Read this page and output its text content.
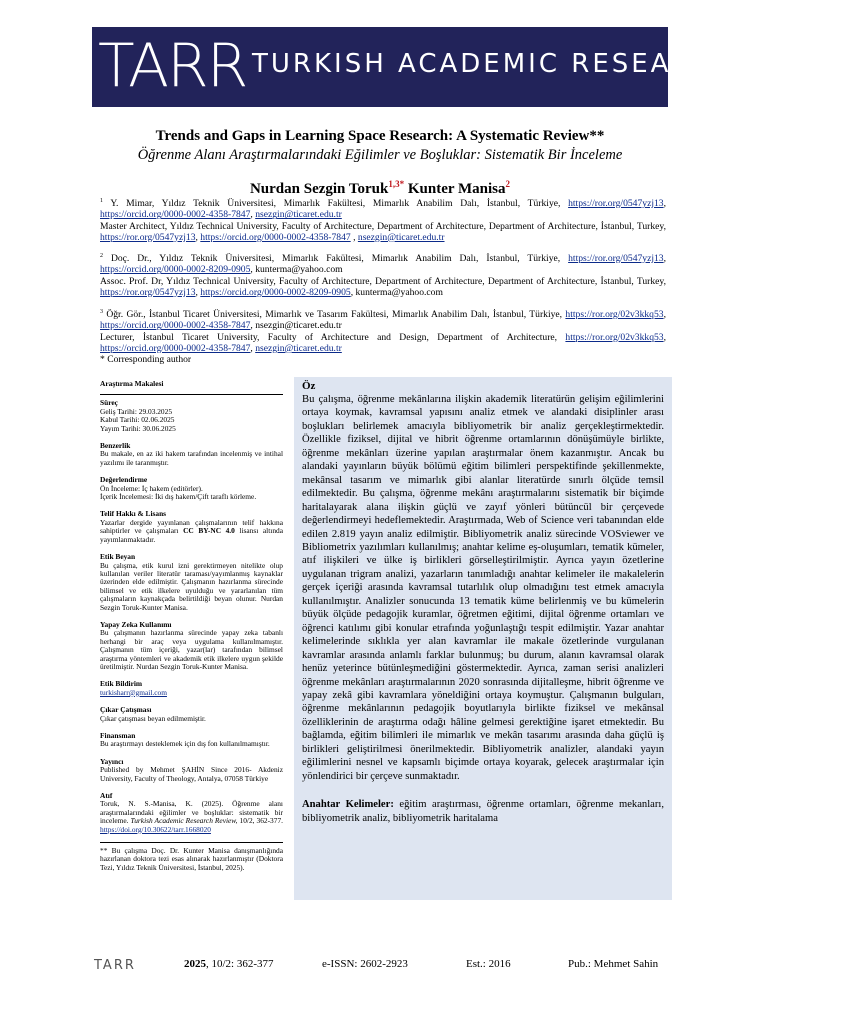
TARR TURKISH ACADEMIC RESEARCH REVIEW
Trends and Gaps in Learning Space Research: A Systematic Review**
Öğrenme Alanı Araştırmalarındaki Eğilimler ve Boşluklar: Sistematik Bir İnceleme
Nurdan Sezgin Toruk$^{1,3*}$ Kunter Manisa$^2$

$^1$ Y. Mimar, Yıldız Teknik Üniversitesi, Mimarlık Fakültesi, Mimarlık Anabilim Dalı, İstanbul, Türkiye, https://ror.org/0547yzj13, https://orcid.org/0000-0002-4358-7847, nsezgin@ticaret.edu.tr

Master Architect, Yıldız Technical University, Faculty of Architecture, Department of Architecture, Department of Architecture, İstanbul, Turkey, https://ror.org/0547yzj13, https://orcid.org/0000-0002-4358-7847 , nsezgin@ticaret.edu.tr

$^2$ Doç. Dr., Yıldız Teknik Üniversitesi, Mimarlık Fakültesi, Mimarlık Anabilim Dalı, İstanbul, Türkiye, https://ror.org/0547yzj13, https://orcid.org/0000-0002-8209-0905, kunterma@yahoo.com

Assoc. Prof. Dr, Yıldız Technical University, Faculty of Architecture, Department of Architecture, Department of Architecture, İstanbul, Turkey, https://ror.org/0547yzj13, https://orcid.org/0000-0002-8209-0905, kunterma@yahoo.com

$^3$ Öğr. Gör., İstanbul Ticaret Üniversitesi, Mimarlık ve Tasarım Fakültesi, Mimarlık Anabilim Dalı, İstanbul, Türkiye, https://ror.org/02v3kkq53, https://orcid.org/0000-0002-4358-7847, nsezgin@ticaret.edu.tr

Lecturer, İstanbul Ticaret University, Faculty of Architecture and Design, Department of Architecture, https://ror.org/02v3kkq53, https://orcid.org/0000-0002-4358-7847, nsezgin@ticaret.edu.tr

* Corresponding author

Araştırma Makalesi

Süreç

Geliş Tarihi: 29.03.2025

Kabul Tarihi: 02.06.2025

Yayım Tarihi: 30.06.2025

Benzerlik

Bu makale, en az iki hakem tarafından incelenmiş ve intihal yazılımı ile taranmıştır.

Değerlendirme

Ön İnceleme: İç hakem (editörler).

İçerik İncelemesi: İki dış hakem/Çift taraflı körleme.

Telif Hakkı & Lisans

Yazarlar dergide yayınlanan çalışmalarının telif hakkına sahiptirler ve çalışmaları CC BY-NC 4.0 lisansı altında yayımlanmaktadır.

Etik Beyan

Bu çalışma, etik kurul izni gerektirmeyen nitelikte olup kullanılan veriler literatür taraması/yayımlanmış kaynaklar üzerinden elde edilmiştir. Çalışmanın hazırlanma sürecinde bilimsel ve etik ilkelere uyulduğu ve yararlanılan tüm çalışmaların kaynakçada belirtildiği beyan olunur. Nurdan Sezgin Toruk-Kunter Manisa.

Yapay Zeka Kullanımı

Bu çalışmanın hazırlanma sürecinde yapay zeka tabanlı herhangi bir araç veya uygulama kullanılmamıştır. Çalışmanın tüm içeriği, yazar(lar) tarafından bilimsel araştırma yöntemleri ve akademik etik ilkelere uygun şekilde üretilmiştir. Nurdan Sezgin Toruk-Kunter Manisa.

Etik Bildirim

turkisharr@gmail.com

Çıkar Çatışması

Çıkar çatışması beyan edilmemiştir.

Finansman

Bu araştırmayı desteklemek için dış fon kullanılmamıştır.

Yayıncı

Published by Mehmet ŞAHİN Since 2016- Akdeniz University, Faculty of Theology, Antalya, 07058 Türkiye

Atıf

Toruk, N. S.-Manisa, K. (2025). Öğrenme alanı araştırmalarındaki eğilimler ve boşluklar: sistematik bir inceleme. Turkish Academic Research Review, 10/2, 362-377. https://doi.org/10.30622/tarr.1668020

** Bu çalışma Doç. Dr. Kunter Manisa danışmanlığında hazırlanan doktora tezi esas alınarak hazırlanmıştır (Doktora Tezi, Yıldız Teknik Üniversitesi, İstanbul, 2025).

Öz

Bu çalışma, öğrenme mekânlarına ilişkin akademik literatürün gelişim eğilimlerini ortaya koymak, kavramsal yapısını analiz etmek ve alandaki disiplinler arası boşlukları belirlemek amacıyla bibliyometrik bir analiz gerçekleştirmektedir. Özellikle fiziksel, dijital ve hibrit öğrenme ortamlarının dönüşümüyle birlikte, öğrenme mekânları üzerine yapılan araştırmalar önem kazanmıştır. Ancak bu alandaki yayınların büyük bölümü eğitim bilimleri perspektifinde şekillenmekte, mekânsal tasarım ve mimarlık gibi alanlar literatürde sınırlı ölçüde temsil edilmektedir. Bu çalışma, öğrenme mekânı araştırmalarını sistematik bir biçimde haritalayarak alana ilişkin güçlü ve zayıf yönleri bütüncül bir çerçevede değerlendirmeyi hedeflemektedir. Araştırmada, Web of Science veri tabanından elde edilen 2.819 yayın analiz edilmiştir. Bibliyometrik analiz sürecinde VOSviewer ve Bibliometrix yazılımları kullanılmış; anahtar kelime eş-oluşumları, tematik kümeler, atıf ilişkileri ve ülke iş birlikleri görselleştirilmiştir. Ayrıca yayın özetlerine uygulanan trigram analizi, yazarların tanımladığı anahtar kelimeler ile makalelerin gerçek içeriği arasında kavramsal tutarlılık olup olmadığını test etmek amacıyla kullanılmıştır. Analizler sonucunda 13 tematik küme belirlenmiş ve bu kümelerin büyük ölçüde pedagojik kuramlar, öğretmen eğitimi, dijital öğrenme ortamları ve öğrenci katılımı gibi konular etrafında yoğunlaştığı tespit edilmiştir. Yazar anahtar kelimelerinde sıklıkla yer alan kavramlar ile makale özetlerinde vurgulanan kavramlar arasında anlamlı farklar bulunmuş; bu durum, alanın kavramsal olarak henüz yeterince bütünleşmediğini göstermektedir. Ayrıca, zaman serisi analizleri öğrenme mekânları araştırmalarının 2020 sonrasında dijitalleşme, hibrit öğrenme ve yapay zekâ gibi kavramlara yöneldiğini ortaya koymuştur. Çalışmanın bulguları, öğrenme mekânlarının pedagojik boyutlarıyla birlikte fiziksel ve mekânsal özelliklerinin de araştırma odağı hâline gelmesi gerektiğine işaret etmektedir. Bu bağlamda, eğitim bilimleri ile mimarlık ve mekân tasarımı arasında daha güçlü iş birlikleri geliştirilmesi önerilmektedir. Bibliyometrik analizler, alandaki yayın eğilimlerini nesnel ve kapsamlı biçimde ortaya koyarak, gelecek araştırmalar için yönlendirici bir çerçeve sunmaktadır.

Anahtar Kelimeler: eğitim araştırması, öğrenme ortamları, öğrenme mekanları, bibliyometrik analiz, bibliyometrik haritalama

TARR	2025, 10/2: 362-377	e-ISSN: 2602-2923	Est.: 2016	Pub.: Mehmet Sahin
